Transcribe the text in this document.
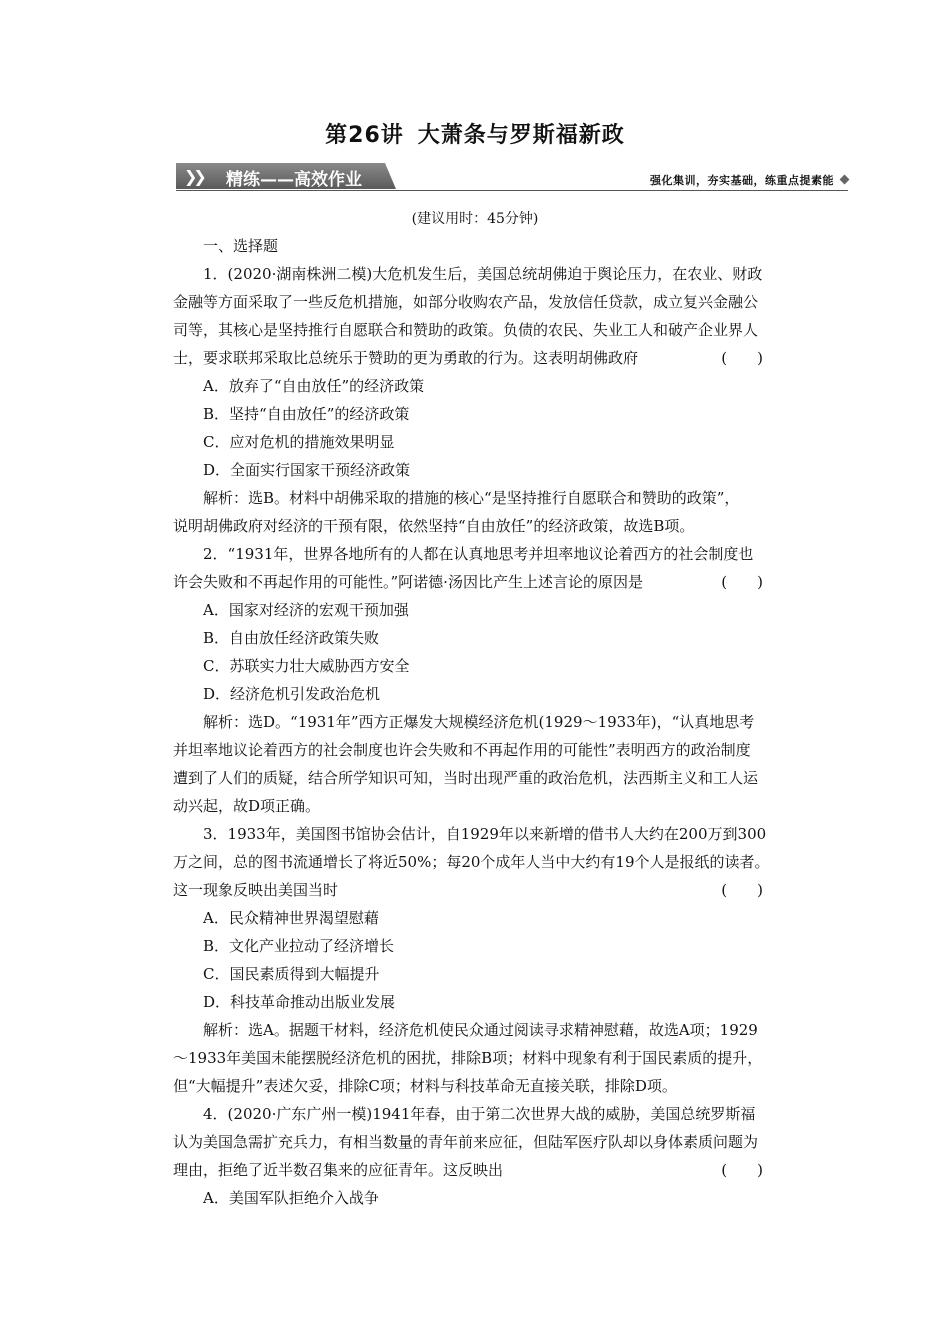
第26讲 大萧条与罗斯福新政
❯❯ 精练——高效作业	强化集训，夯实基础，练重点提素能
(建议用时：45分钟)

一、选择题

1．(2020·湖南株洲二模)大危机发生后，美国总统胡佛迫于舆论压力，在农业、财政

金融等方面采取了一些反危机措施，如部分收购农产品，发放信任贷款，成立复兴金融公

司等，其核心是坚持推行自愿联合和赞助的政策。负债的农民、失业工人和破产企业界人

士，要求联邦采取比总统乐于赞助的更为勇敢的行为。这表明胡佛政府	(　　)

A．放弃了“自由放任”的经济政策

B．坚持“自由放任”的经济政策

C．应对危机的措施效果明显

D．全面实行国家干预经济政策

解析：选B。材料中胡佛采取的措施的核心“是坚持推行自愿联合和赞助的政策”，

说明胡佛政府对经济的干预有限，依然坚持“自由放任”的经济政策，故选B项。

2．“1931年，世界各地所有的人都在认真地思考并坦率地议论着西方的社会制度也

许会失败和不再起作用的可能性。”阿诺德·汤因比产生上述言论的原因是	(　　)

A．国家对经济的宏观干预加强

B．自由放任经济政策失败

C．苏联实力壮大威胁西方安全

D．经济危机引发政治危机

解析：选D。“1931年”西方正爆发大规模经济危机(1929～1933年)，“认真地思考

并坦率地议论着西方的社会制度也许会失败和不再起作用的可能性”表明西方的政治制度

遭到了人们的质疑，结合所学知识可知，当时出现严重的政治危机，法西斯主义和工人运

动兴起，故D项正确。

3．1933年，美国图书馆协会估计，自1929年以来新增的借书人大约在200万到300

万之间，总的图书流通增长了将近50%；每20个成年人当中大约有19个人是报纸的读者。

这一现象反映出美国当时	(　　)

A．民众精神世界渴望慰藉

B．文化产业拉动了经济增长

C．国民素质得到大幅提升

D．科技革命推动出版业发展

解析：选A。据题干材料，经济危机使民众通过阅读寻求精神慰藉，故选A项；1929

～1933年美国未能摆脱经济危机的困扰，排除B项；材料中现象有利于国民素质的提升，

但“大幅提升”表述欠妥，排除C项；材料与科技革命无直接关联，排除D项。

4．(2020·广东广州一模)1941年春，由于第二次世界大战的威胁，美国总统罗斯福

认为美国急需扩充兵力，有相当数量的青年前来应征，但陆军医疗队却以身体素质问题为

理由，拒绝了近半数召集来的应征青年。这反映出	(　　)

A．美国军队拒绝介入战争
